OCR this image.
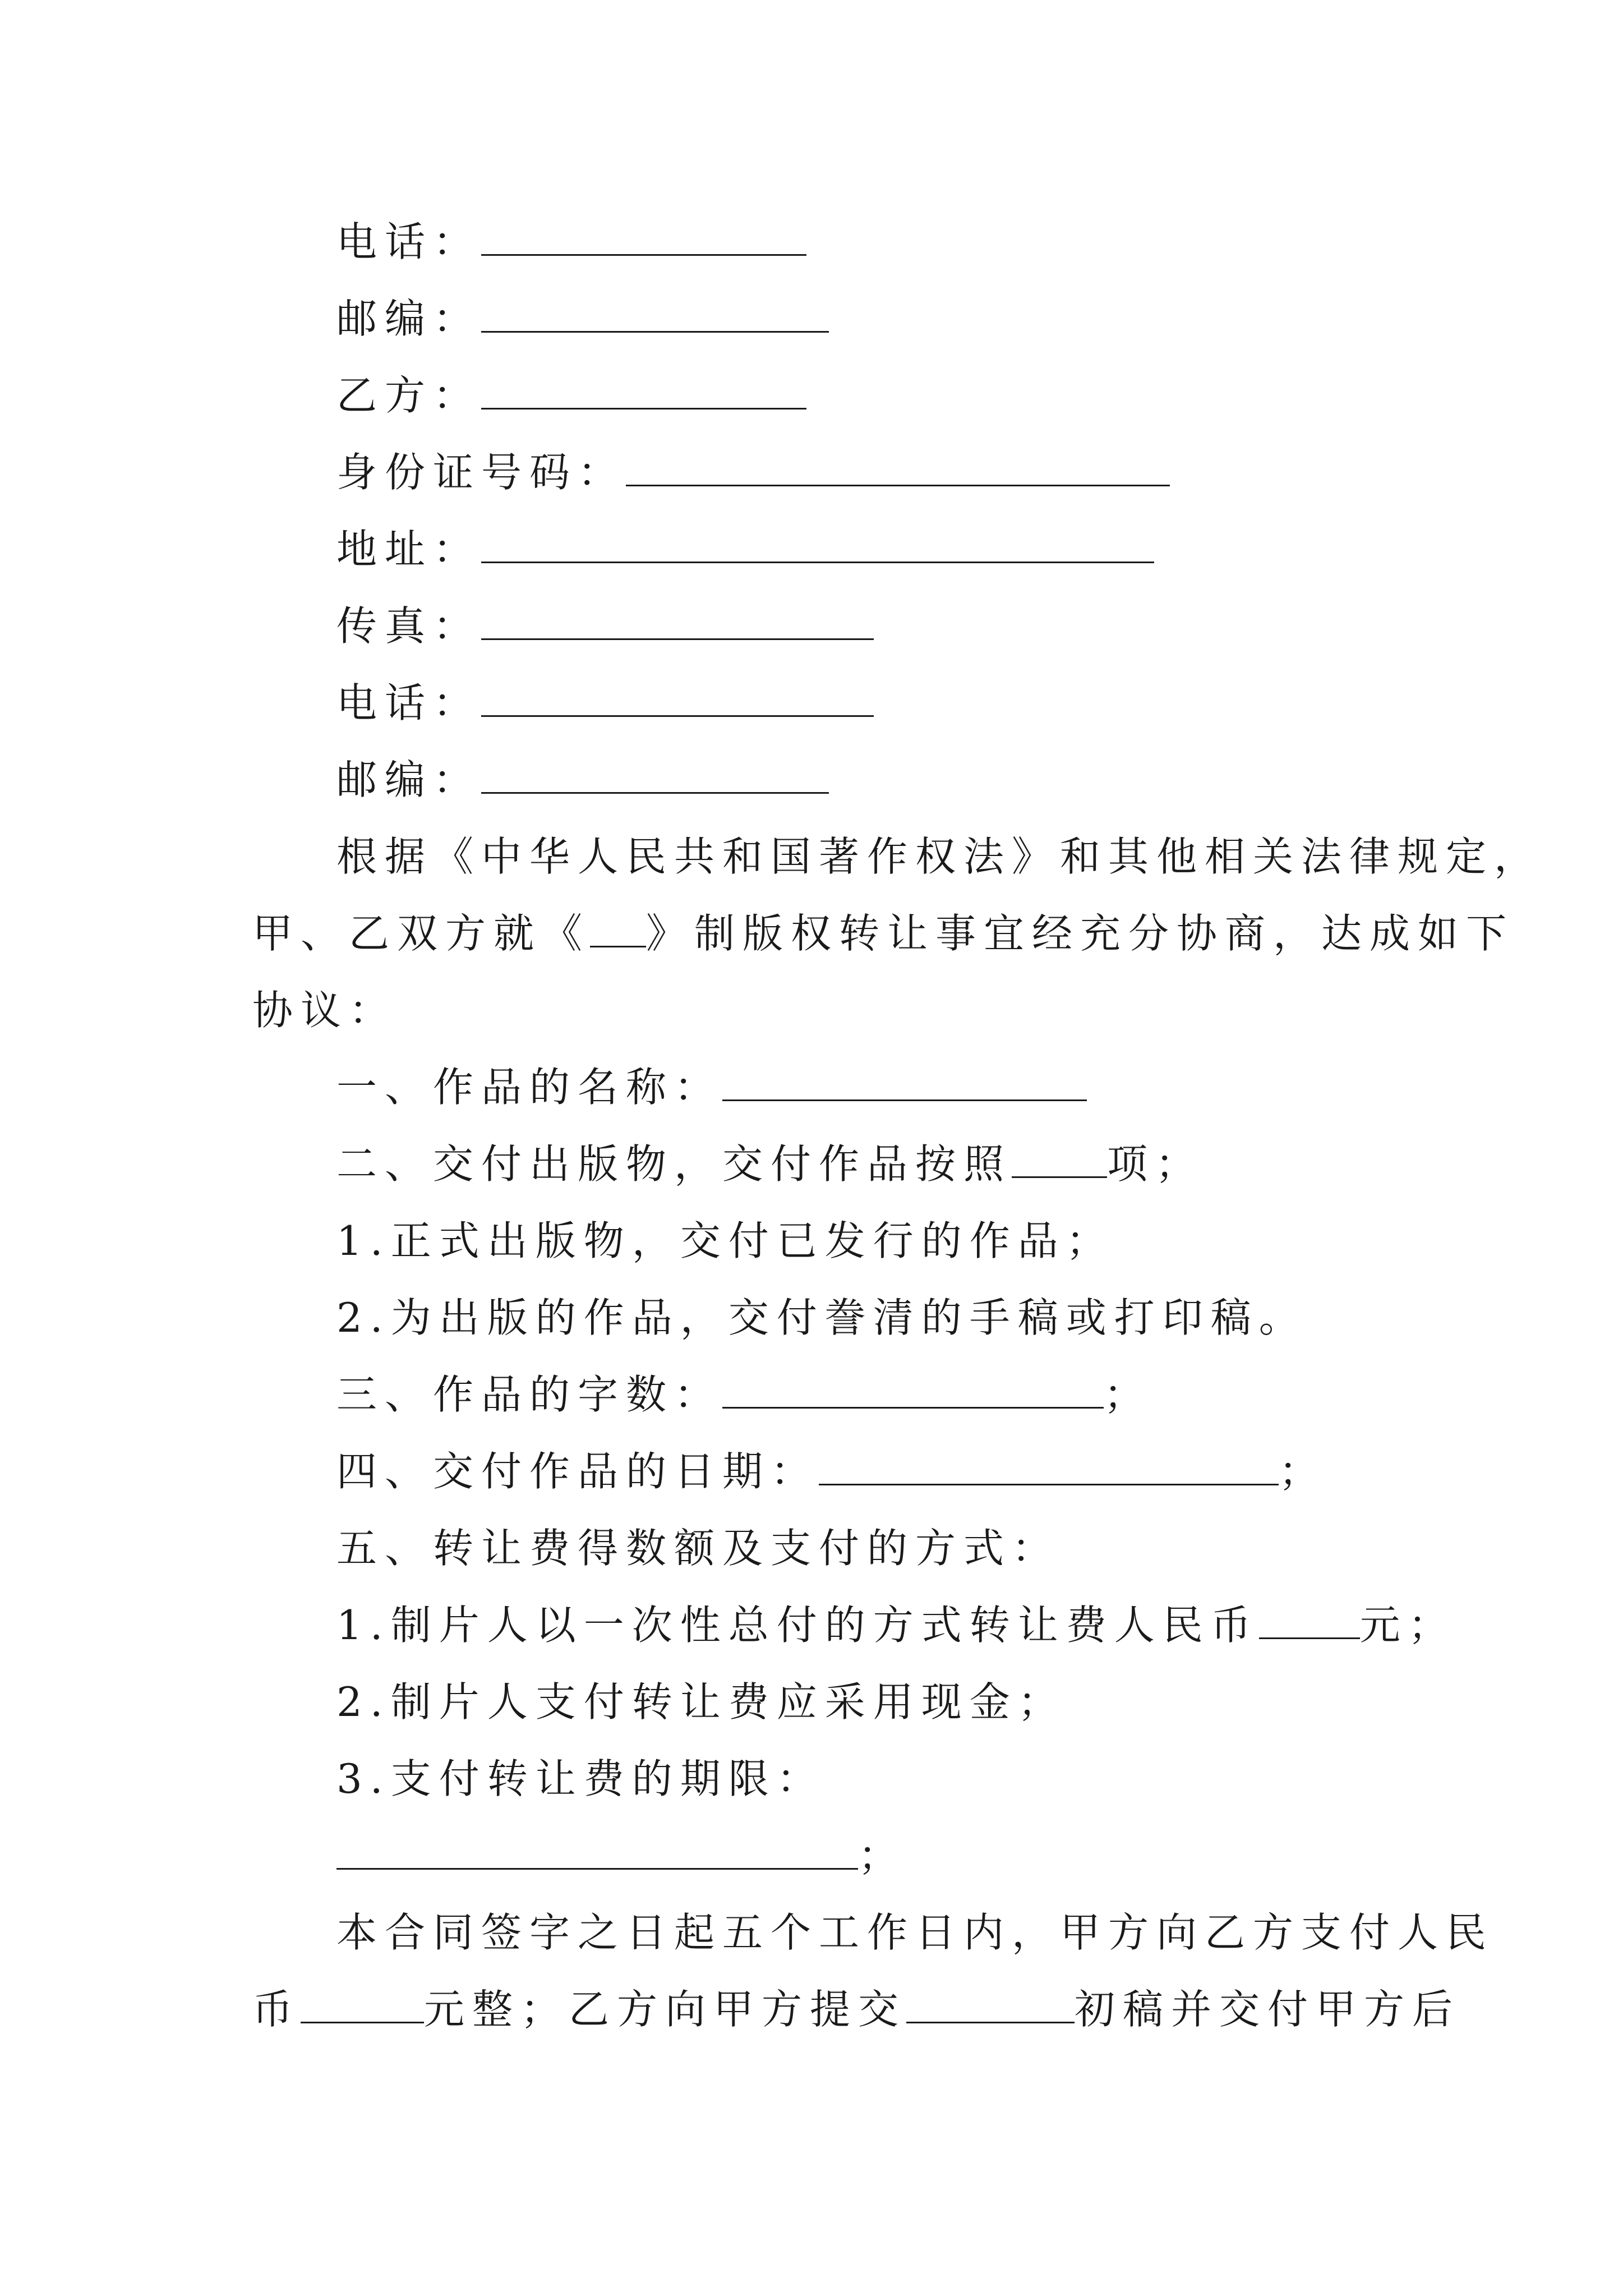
电话：
邮编：
乙方：
身份证号码：
地址：
传真：
电话：
邮编：
根据《中华人民共和国著作权法》和其他相关法律规定，
甲、乙双方就《 》制版权转让事宜经充分协商，达成如下
协议：
一、作品的名称：
二、交付出版物，交付作品按照 项；
1.正式出版物，交付已发行的作品；
2.为出版的作品，交付誊清的手稿或打印稿。
三、作品的字数：	；
四、交付作品的日期：	；
五、转让费得数额及支付的方式：
1.制片人以一次性总付的方式转让费人民币	元；
2.制片人支付转让费应采用现金；
3.支付转让费的期限：
；
本合同签字之日起五个工作日内，甲方向乙方支付人民
币	元整；乙方向甲方提交	初稿并交付甲方后
